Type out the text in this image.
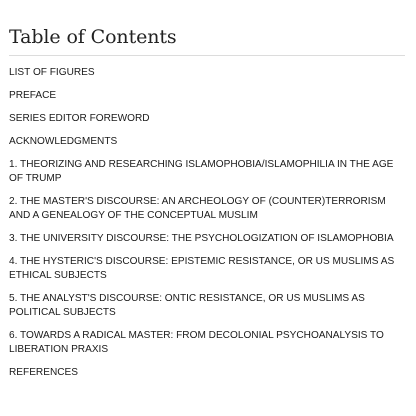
Table of Contents
LIST OF FIGURES
PREFACE
SERIES EDITOR FOREWORD
ACKNOWLEDGMENTS
1. THEORIZING AND RESEARCHING ISLAMOPHOBIA/ISLAMOPHILIA IN THE AGE OF TRUMP
2. THE MASTER'S DISCOURSE: AN ARCHEOLOGY OF (COUNTER)TERRORISM AND A GENEALOGY OF THE CONCEPTUAL MUSLIM
3. THE UNIVERSITY DISCOURSE: THE PSYCHOLOGIZATION OF ISLAMOPHOBIA
4. THE HYSTERIC'S DISCOURSE: EPISTEMIC RESISTANCE, OR US MUSLIMS AS ETHICAL SUBJECTS
5. THE ANALYST'S DISCOURSE: ONTIC RESISTANCE, OR US MUSLIMS AS POLITICAL SUBJECTS
6. TOWARDS A RADICAL MASTER: FROM DECOLONIAL PSYCHOANALYSIS TO LIBERATION PRAXIS
REFERENCES
